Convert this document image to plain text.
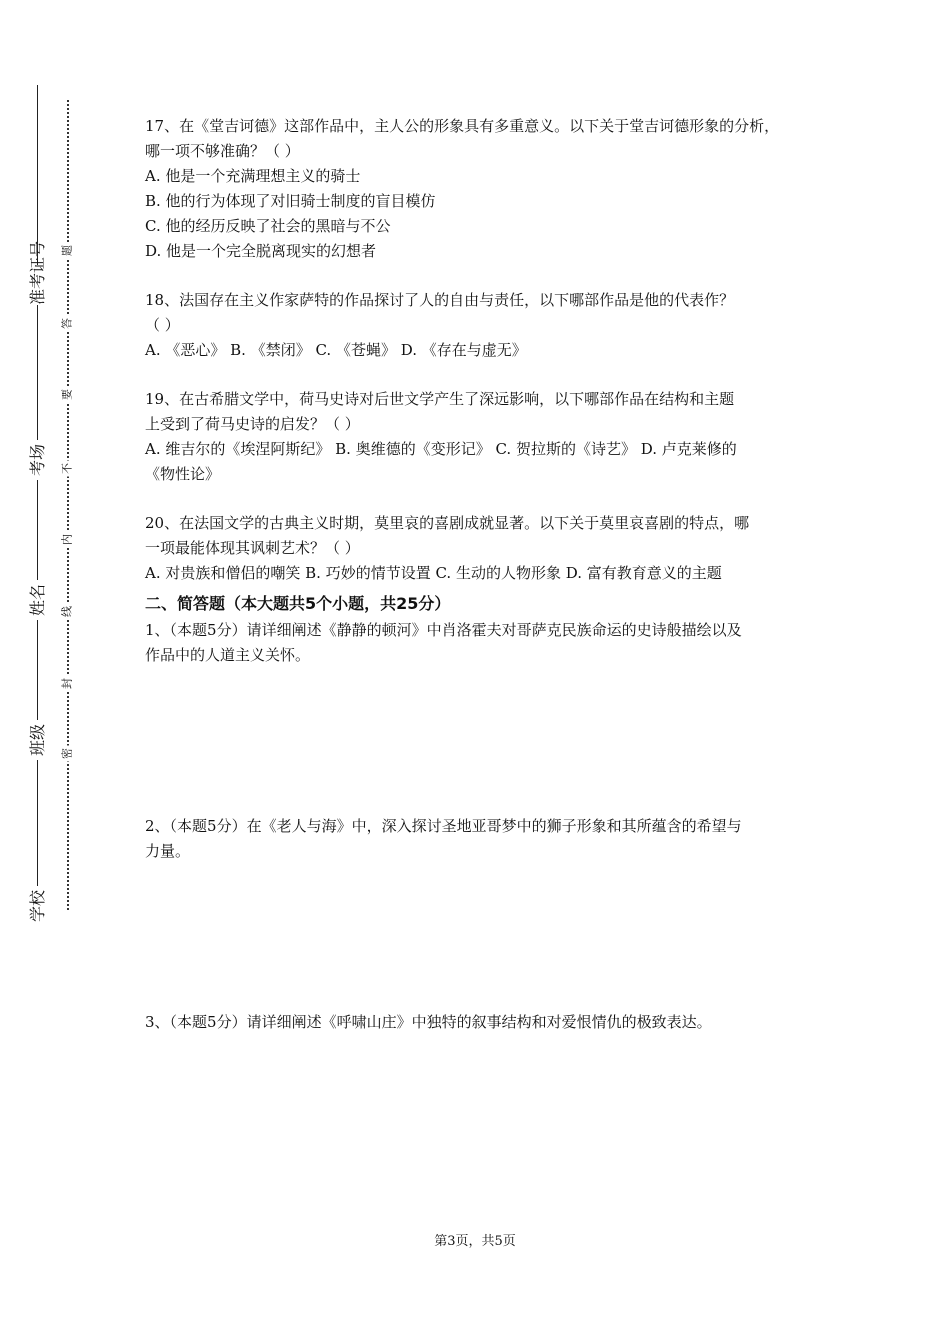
准考证号
考场
姓名
班级
学校
题
答
要
不
内
线
封
密
17、在《堂吉诃德》这部作品中，主人公的形象具有多重意义。以下关于堂吉诃德形象的分析，
哪一项不够准确？（ ）
A. 他是一个充满理想主义的骑士
B. 他的行为体现了对旧骑士制度的盲目模仿
C. 他的经历反映了社会的黑暗与不公
D. 他是一个完全脱离现实的幻想者
18、法国存在主义作家萨特的作品探讨了人的自由与责任，以下哪部作品是他的代表作？
（ ）
A. 《恶心》 B. 《禁闭》 C. 《苍蝇》 D. 《存在与虚无》
19、在古希腊文学中，荷马史诗对后世文学产生了深远影响，以下哪部作品在结构和主题
上受到了荷马史诗的启发？（ ）
A. 维吉尔的《埃涅阿斯纪》 B. 奥维德的《变形记》 C. 贺拉斯的《诗艺》 D. 卢克莱修的
《物性论》
20、在法国文学的古典主义时期，莫里哀的喜剧成就显著。以下关于莫里哀喜剧的特点，哪
一项最能体现其讽刺艺术？（ ）
A. 对贵族和僧侣的嘲笑 B. 巧妙的情节设置 C. 生动的人物形象 D. 富有教育意义的主题
二、简答题（本大题共5个小题，共25分）
1、（本题5分）请详细阐述《静静的顿河》中肖洛霍夫对哥萨克民族命运的史诗般描绘以及
作品中的人道主义关怀。
2、（本题5分）在《老人与海》中，深入探讨圣地亚哥梦中的狮子形象和其所蕴含的希望与
力量。
3、（本题5分）请详细阐述《呼啸山庄》中独特的叙事结构和对爱恨情仇的极致表达。
第3页，共5页
